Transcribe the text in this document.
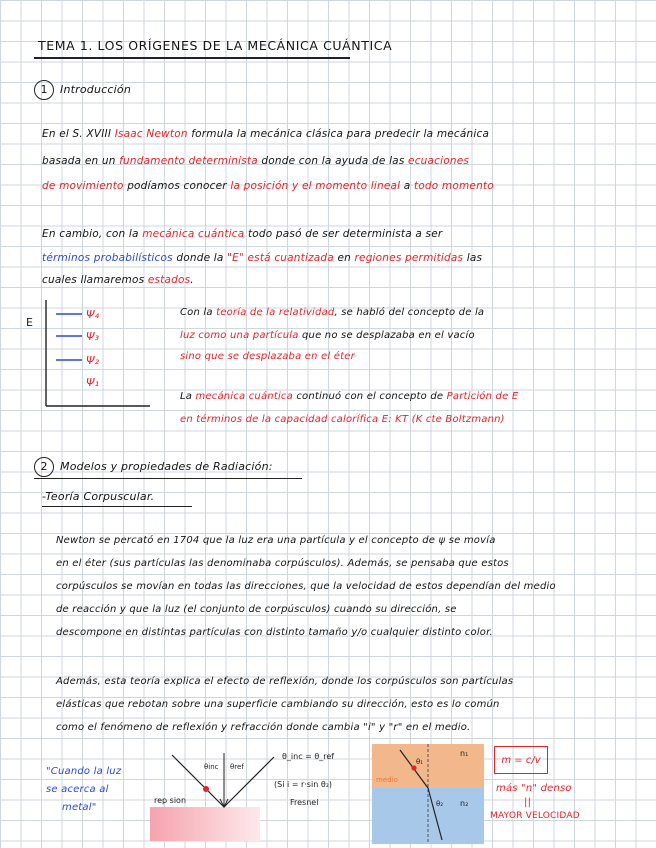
TEMA 1. LOS ORÍGENES DE LA MECÁNICA CUÁNTICA
1	Introducción
En el S. XVIII Isaac Newton formula la mecánica clásica para predecir la mecánica
basada en un fundamento determinista donde con la ayuda de las ecuaciones
de movimiento podíamos conocer la posición y el momento lineal a todo momento
En cambio, con la mecánica cuántica todo pasó de ser determinista a ser
términos probabilísticos donde la "E" está cuantizada en regiones permitidas las
cuales llamaremos estados.
E
Ψ₄
Ψ₃
Ψ₂
Ψ₁
Con la teoría de la relatividad, se habló del concepto de la
luz como una partícula que no se desplazaba en el vacío
sino que se desplazaba en el éter
La mecánica cuántica continuó con el concepto de Partición de E
en términos de la capacidad calorífica E: KT (K cte Boltzmann)
2	Modelos y propiedades de Radiación:
-Teoría Corpuscular.
Newton se percató en 1704 que la luz era una partícula y el concepto de ψ se movía
en el éter (sus partículas las denominaba corpúsculos). Además, se pensaba que estos
corpúsculos se movían en todas las direcciones, que la velocidad de estos dependían del medio
de reacción y que la luz (el conjunto de corpúsculos) cuando su dirección, se
descompone en distintas partículas con distinto tamaño y/o cualquier distinto color.
Además, esta teoría explica el efecto de reflexión, donde los corpúsculos son partículas
elásticas que rebotan sobre una superficie cambiando su dirección, esto es lo común
como el fenómeno de reflexión y refracción donde cambia "i" y "r" en el medio.
"Cuando la luz
se acerca al
metal"
θinc θref
rep sion
θ_inc = θ_ref
(Si i = r·sin θ₂)
Fresnel
medio
n₁
n₂
θ₁
θ₂
m = c/v
más "n" denso
||
MAYOR VELOCIDAD
